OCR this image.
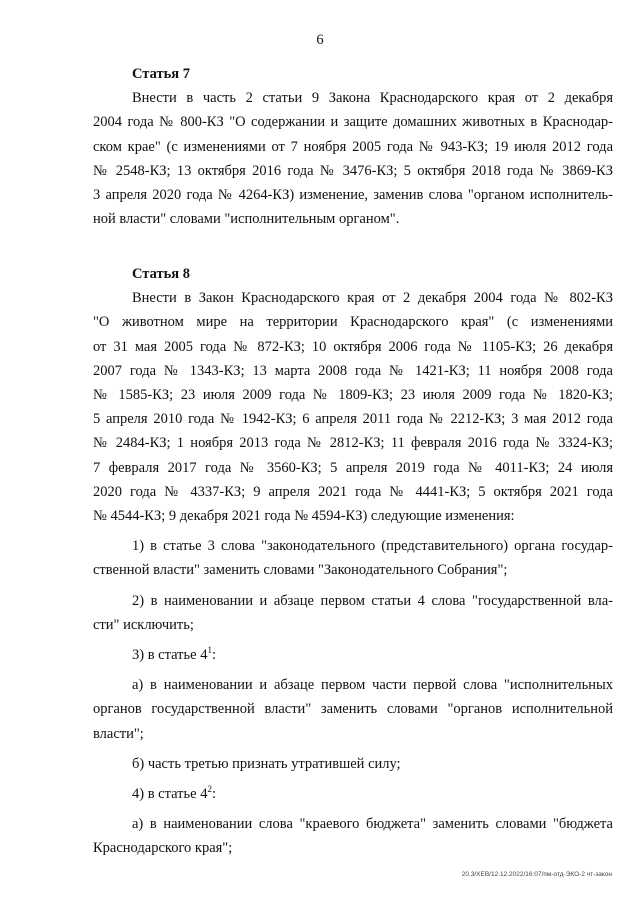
6
Статья 7

Внести в часть 2 статьи 9 Закона Краснодарского края от 2 декабря

2004 года № 800-КЗ "О содержании и защите домашних животных в Краснодар-

ском крае" (с изменениями от 7 ноября 2005 года № 943-КЗ; 19 июля 2012 года

№ 2548-КЗ; 13 октября 2016 года № 3476-КЗ; 5 октября 2018 года № 3869-КЗ

3 апреля 2020 года № 4264-КЗ) изменение, заменив слова "органом исполнитель-

ной власти" словами "исполнительным органом".

Статья 8

Внести в Закон Краснодарского края от 2 декабря 2004 года № 802-КЗ

"О животном мире на территории Краснодарского края" (с изменениями

от 31 мая 2005 года № 872-КЗ; 10 октября 2006 года № 1105-КЗ; 26 декабря

2007 года № 1343-КЗ; 13 марта 2008 года № 1421-КЗ; 11 ноября 2008 года

№ 1585-КЗ; 23 июля 2009 года № 1809-КЗ; 23 июля 2009 года № 1820-КЗ;

5 апреля 2010 года № 1942-КЗ; 6 апреля 2011 года № 2212-КЗ; 3 мая 2012 года

№ 2484-КЗ; 1 ноября 2013 года № 2812-КЗ; 11 февраля 2016 года № 3324-КЗ;

7 февраля 2017 года № 3560-КЗ; 5 апреля 2019 года № 4011-КЗ; 24 июля

2020 года № 4337-КЗ; 9 апреля 2021 года № 4441-КЗ; 5 октября 2021 года

№ 4544-КЗ; 9 декабря 2021 года № 4594-КЗ) следующие изменения:

1) в статье 3 слова "законодательного (представительного) органа государ-

ственной власти" заменить словами "Законодательного Собрания";

2) в наименовании и абзаце первом статьи 4 слова "государственной вла-

сти" исключить;

3) в статье $4^1$:

а) в наименовании и абзаце первом части первой слова "исполнительных

органов государственной власти" заменить словами "органов исполнительной

власти";

б) часть третью признать утратившей силу;

4) в статье $4^2$:

а) в наименовании слова "краевого бюджета" заменить словами "бюджета

Краснодарского края";

20.3/ХЕВ/12.12.2022/16:07/пм-отд-ЭКО-2 чт-закон
